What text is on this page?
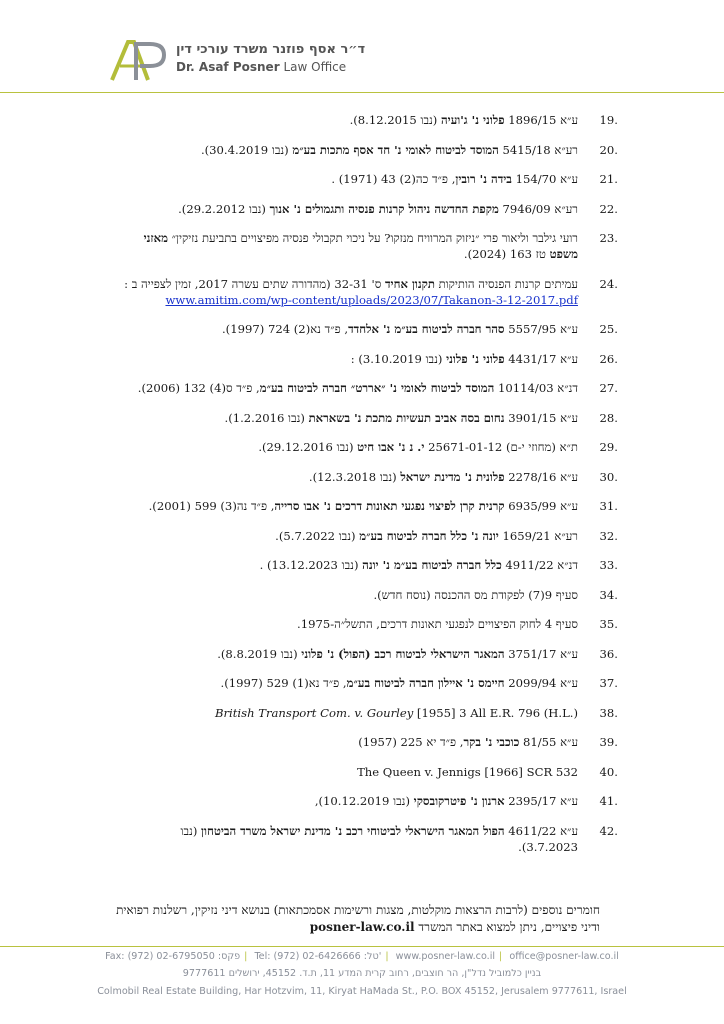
ד״ר אסף פוזנר משרד עורכי דין
Dr. Asaf Posner Law Office
19.
ע״א 1896/15 פלוני נ' ג'ועיה (נבו 8.12.2015).
20.
רע״א 5415/18 המוסד לביטוח לאומי נ' חד אסף מתכות בע״מ (נבו 30.4.2019).
21.
ע״א 154/70 בידה נ' רובין, פ״ד כה(2) 43 (1971) .
22.
רע״א 7946/09 מקפת החדשה ניהול קרנות פנסיה ותגמולים נ' אנוך (נבו 29.2.2012).
23.
רועי גילבר וליאור פרי ״ניזוק המרוויח מנזקו? על ניכוי תקבולי פנסיה מפיצויים בתביעת נזיקין״ מאזני משפט טז 163 (2024).
24.
עמיתים קרנות הפנסיה הותיקות תקנון אחיד ס' 32-31 (מהדורה שתים עשרה 2017, זמין לצפייה ב : www.amitim.com/wp-content/uploads/2023/07/Takanon-3-12-2017.pdf
25.
ע״א 5557/95 סהר חברה לביטוח בע״מ נ' אלחדד, פ״ד נא(2) 724 (1997).
26.
ע״א 4431/17 פלוני נ' פלוני (נבו 3.10.2019) :
27.
דנ״א 10114/03 המוסד לביטוח לאומי נ' ״אררט״ חברה לביטוח בע״מ, פ״ד ס(4) 132 (2006).
28.
ע״א 3901/15 נחום בסה אביב תעשיות מתכת נ' בשאראת (נבו 1.2.2016).
29.
ת״א (מחוזי י-ם) 25671-01-12 י. נ נ' אבו חיט (נבו 29.12.2016).
30.
ע״א 2278/16 פלונית נ' מדינת ישראל (נבו 12.3.2018).
31.
ע״א 6935/99 קרנית קרן לפיצוי נפגעי תאונות דרכים נ' אבו סרייה, פ״ד נה(3) 599 (2001).
32.
רע״א 1659/21 יונה נ' כלל חברה לביטוח בע״מ (נבו 5.7.2022).
33.
דנ״א 4911/22 כלל חברה לביטוח בע״מ נ' יונה (נבו 13.12.2023) .
34.
סעיף 9(7) לפקודת מס ההכנסה (נוסח חדש).
35.
סעיף 4 לחוק הפיצויים לנפגעי תאונות דרכים, התשל״ה-1975.
36.
ע״א 3751/17 המאגר הישראלי לביטוח רכב (הפול) נ' פלוני (נבו 8.8.2019).
37.
ע״א 2099/94 חיימס נ' איילון חברה לביטוח בע״מ, פ״ד נא(1) 529 (1997).
38.
British Transport Com. v. Gourley [1955] 3 All E.R. 796 (H.L.)
39.
ע״א 81/55 כוכבי נ' בקר, פ״ד יא 225 (1957)
40.
The Queen v. Jennigs [1966] SCR 532
41.
ע״א 2395/17 ארנון נ' פיטרקובסקי (נבו 10.12.2019),
42.
ע״א 4611/22 הפול המאגר הישראלי לביטוחי רכב נ' מדינת ישראל משרד הביטחון (נבו 3.7.2023).
חומרים נוספים (לרבות הרצאות מוקלטות, מצגות ורשימות אסמכתאות) בנושא דיני נזיקין, רשלנות רפואית ודיני פיצויים, ניתן למצוא באתר המשרד posner-law.co.il
Fax: (972) 02-6795050 :פקס | Tel: (972) 02-6426666 :טל' | www.posner-law.co.il | office@posner-law.co.il
בניין כלמוביל נדל"ן, הר חוצבים, רחוב קרית המדע 11, ת.ד. 45152, ירושלים 9777611
Colmobil Real Estate Building, Har Hotzvim, 11, Kiryat HaMada St., P.O. BOX 45152, Jerusalem 9777611, Israel
